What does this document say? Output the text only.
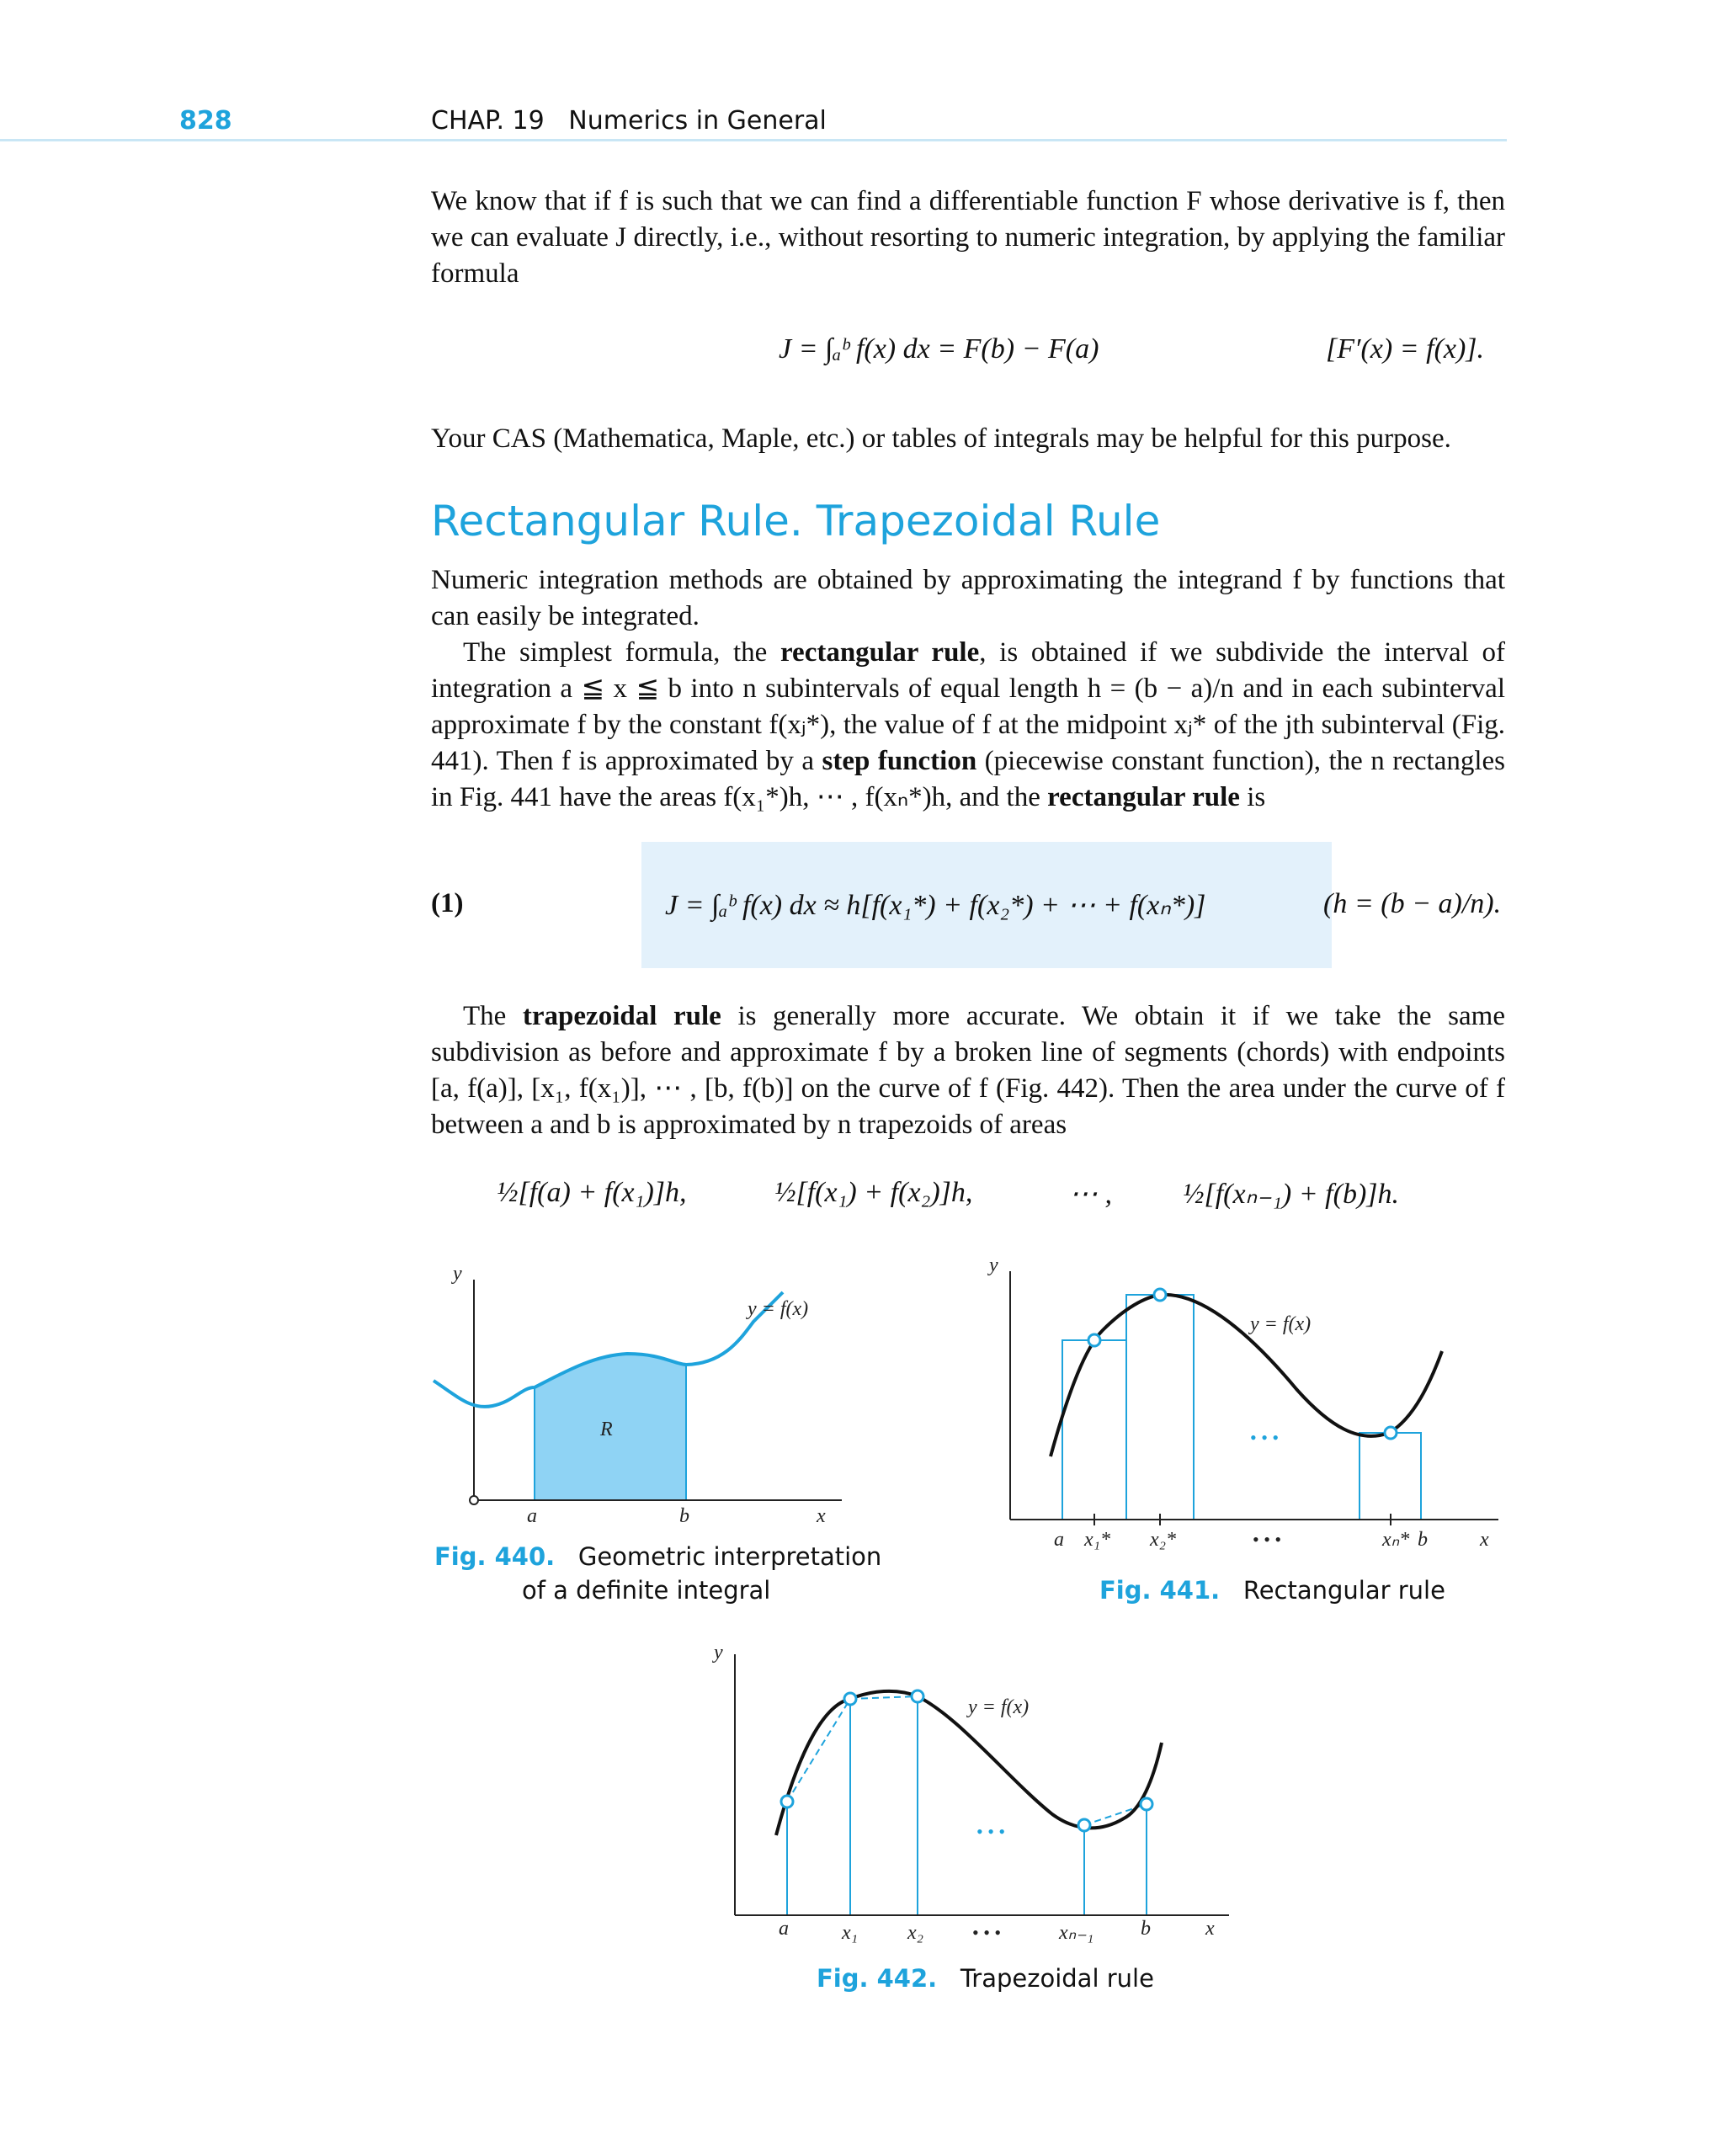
828	CHAP. 19   Numerics in General
We know that if f is such that we can find a differentiable function F whose derivative is f, then we can evaluate J directly, i.e., without resorting to numeric integration, by applying the familiar formula
J = ∫ₐᵇ f(x) dx = F(b) − F(a)	[F′(x) = f(x)].
Your CAS (Mathematica, Maple, etc.) or tables of integrals may be helpful for this purpose.
Rectangular Rule. Trapezoidal Rule
Numeric integration methods are obtained by approximating the integrand f by functions that can easily be integrated.
The simplest formula, the rectangular rule, is obtained if we subdivide the interval of integration a ≦ x ≦ b into n subintervals of equal length h = (b − a)/n and in each subinterval approximate f by the constant f(xⱼ*), the value of f at the midpoint xⱼ* of the jth subinterval (Fig. 441). Then f is approximated by a step function (piecewise constant function), the n rectangles in Fig. 441 have the areas f(x₁*)h, ⋯ , f(xₙ*)h, and the rectangular rule is
(1)	J = ∫ₐᵇ f(x) dx ≈ h[f(x₁*) + f(x₂*) + ⋯ + f(xₙ*)]	(h = (b − a)/n).
The trapezoidal rule is generally more accurate. We obtain it if we take the same subdivision as before and approximate f by a broken line of segments (chords) with endpoints [a, f(a)], [x₁, f(x₁)], ⋯ , [b, f(b)] on the curve of f (Fig. 442). Then the area under the curve of f between a and b is approximated by n trapezoids of areas
½[f(a) + f(x₁)]h,	½[f(x₁) + f(x₂)]h,	⋯ , ½[f(xₙ₋₁) + f(b)]h.
y
x
a	b
R
y = f(x)
Fig. 440. Geometric interpretation
of a definite integral
y
x
a x₁* x₂*	xₙ* b
• • •
• • •
y = f(x)
Fig. 441. Rectangular rule
y
x
a	x₁ x₂	xₙ₋₁ b
• • •
• • •
y = f(x)
Fig. 442. Trapezoidal rule
